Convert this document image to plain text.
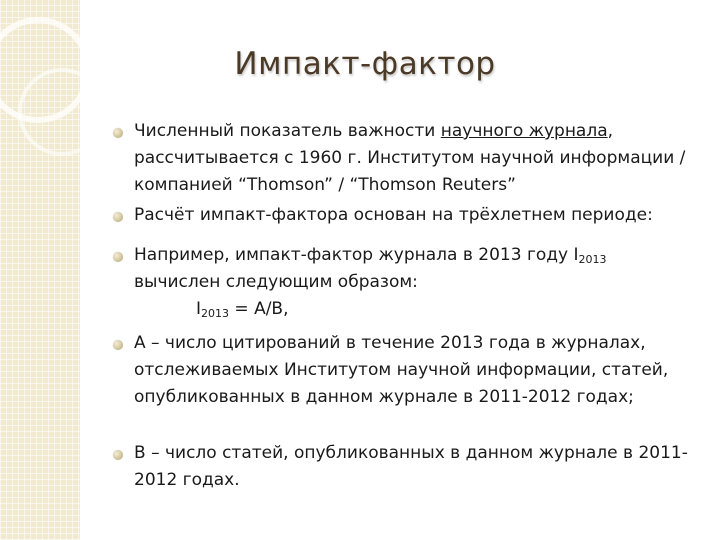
Импакт-фактор
Численный показатель важности научного журнала, рассчитывается с 1960 г. Институтом научной информации / компанией “Thomson” / “Thomson Reuters”
Расчёт импакт-фактора основан на трёхлетнем периоде:
Например, импакт-фактор журнала в 2013 году $I_{2013}$ вычислен следующим образом:
$I_{2013} = A/B$,
A – число цитирований в течение 2013 года в журналах, отслеживаемых Институтом научной информации, статей, опубликованных в данном журнале в 2011-2012 годах;
B – число статей, опубликованных в данном журнале в 2011-2012 годах.
